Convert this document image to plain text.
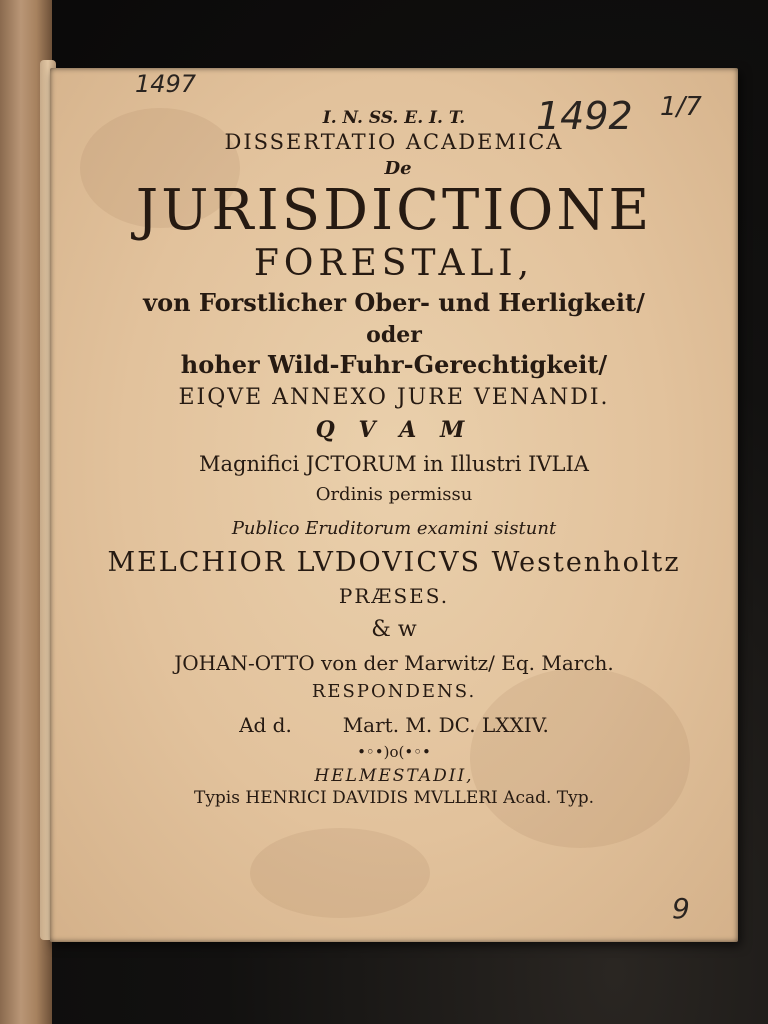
1497
1492 1/7
9
I. N. SS. E. I. T.
DISSERTATIO ACADEMICA
De
JURISDICTIONE
FORESTALI,
von Forstlicher Ober- und Herligkeit/
oder
hoher Wild-Fuhr-Gerechtigkeit/
EIQVE ANNEXO JURE VENANDI.
Q V A M
Magnifici JCTORUM in Illustri IVLIA
Ordinis permissu
Publico Eruditorum examini sistunt
MELCHIOR LVDOVICVS Westenholtz
PRÆSES.
& w
JOHAN-OTTO von der Marwitz/ Eq. March.
RESPONDENS.
Ad d.        Mart. M. DC. LXXIV.
•◦•)o(•◦•
HELMESTADII,
Typis HENRICI DAVIDIS MVLLERI Acad. Typ.
